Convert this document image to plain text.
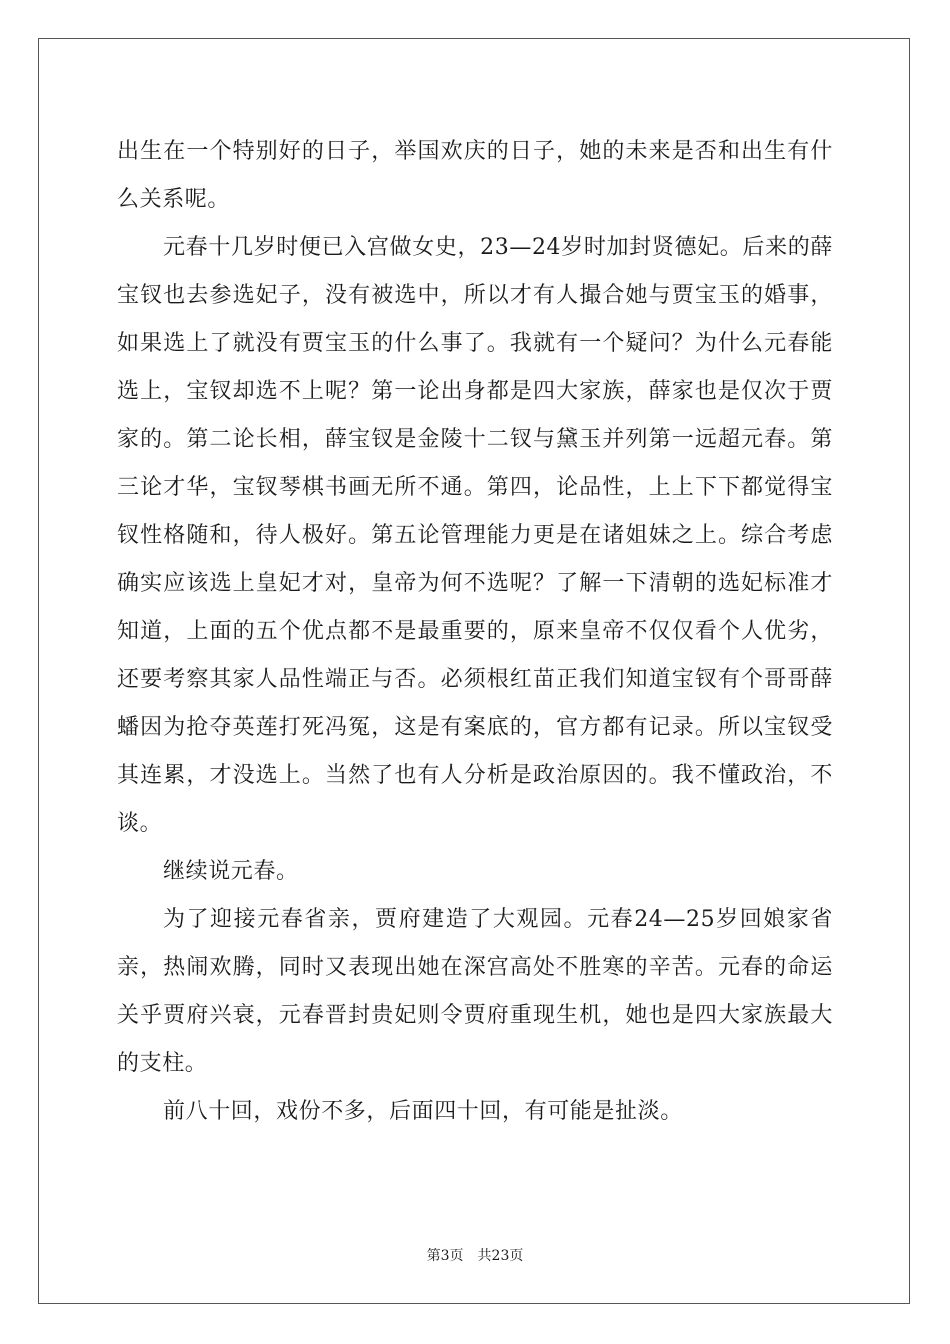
出生在一个特别好的日子，举国欢庆的日子，她的未来是否和出生有什么关系呢。

元春十几岁时便已入宫做女史，23—24岁时加封贤德妃。后来的薛宝钗也去参选妃子，没有被选中，所以才有人撮合她与贾宝玉的婚事，如果选上了就没有贾宝玉的什么事了。我就有一个疑问？为什么元春能选上，宝钗却选不上呢？第一论出身都是四大家族，薛家也是仅次于贾家的。第二论长相，薛宝钗是金陵十二钗与黛玉并列第一远超元春。第三论才华，宝钗琴棋书画无所不通。第四，论品性，上上下下都觉得宝钗性格随和，待人极好。第五论管理能力更是在诸姐妹之上。综合考虑确实应该选上皇妃才对，皇帝为何不选呢？了解一下清朝的选妃标准才知道，上面的五个优点都不是最重要的，原来皇帝不仅仅看个人优劣，还要考察其家人品性端正与否。必须根红苗正我们知道宝钗有个哥哥薛蟠因为抢夺英莲打死冯冤，这是有案底的，官方都有记录。所以宝钗受其连累，才没选上。当然了也有人分析是政治原因的。我不懂政治，不谈。

继续说元春。

为了迎接元春省亲，贾府建造了大观园。元春24—25岁回娘家省亲，热闹欢腾，同时又表现出她在深宫高处不胜寒的辛苦。元春的命运关乎贾府兴衰，元春晋封贵妃则令贾府重现生机，她也是四大家族最大的支柱。

前八十回，戏份不多，后面四十回，有可能是扯淡。

第3页 共23页
